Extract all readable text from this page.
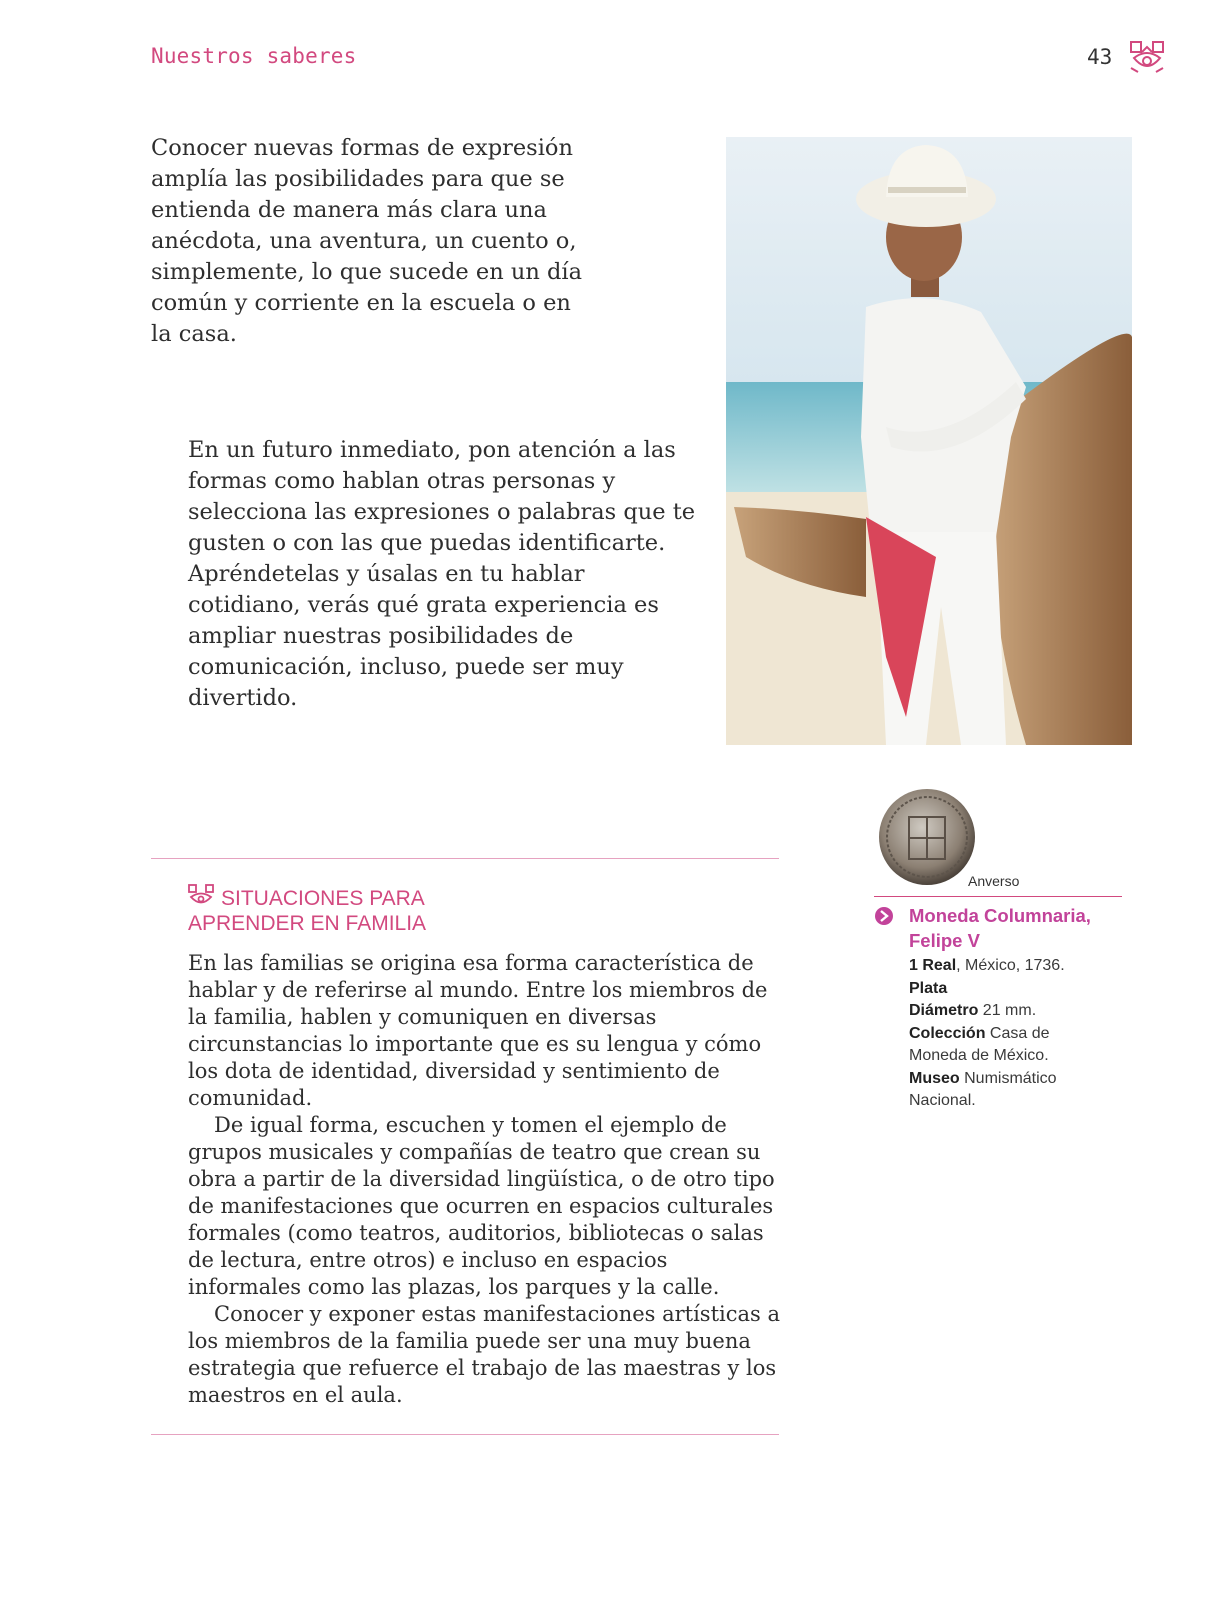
Nuestros saberes	43
Conocer nuevas formas de expresión amplía las posibilidades para que se entienda de manera más clara una anécdota, una aventura, un cuento o, simplemente, lo que sucede en un día común y corriente en la escuela o en la casa.
En un futuro inmediato, pon atención a las formas como hablan otras personas y selecciona las expresiones o palabras que te gusten o con las que puedas identificarte. Apréndetelas y úsalas en tu hablar cotidiano, verás qué grata experiencia es ampliar nuestras posibilidades de comunicación, incluso, puede ser muy divertido.
Anverso
Moneda Columnaria,
Felipe V
1 Real, México, 1736.
Plata
Diámetro 21 mm.
Colección Casa de Moneda de México.
Museo Numismático Nacional.
SITUACIONES PARA
APRENDER EN FAMILIA

En las familias se origina esa forma característica de hablar y de referirse al mundo. Entre los miembros de la familia, hablen y comuniquen en diversas circunstancias lo importante que es su lengua y cómo los dota de identidad, diversidad y sentimiento de comunidad.

De igual forma, escuchen y tomen el ejemplo de grupos musicales y compañías de teatro que crean su obra a partir de la diversidad lingüística, o de otro tipo de manifestaciones que ocurren en espacios culturales formales (como teatros, auditorios, bibliotecas o salas de lectura, entre otros) e incluso en espacios informales como las plazas, los parques y la calle.

Conocer y exponer estas manifestaciones artísticas a los miembros de la familia puede ser una muy buena estrategia que refuerce el trabajo de las maestras y los maestros en el aula.
